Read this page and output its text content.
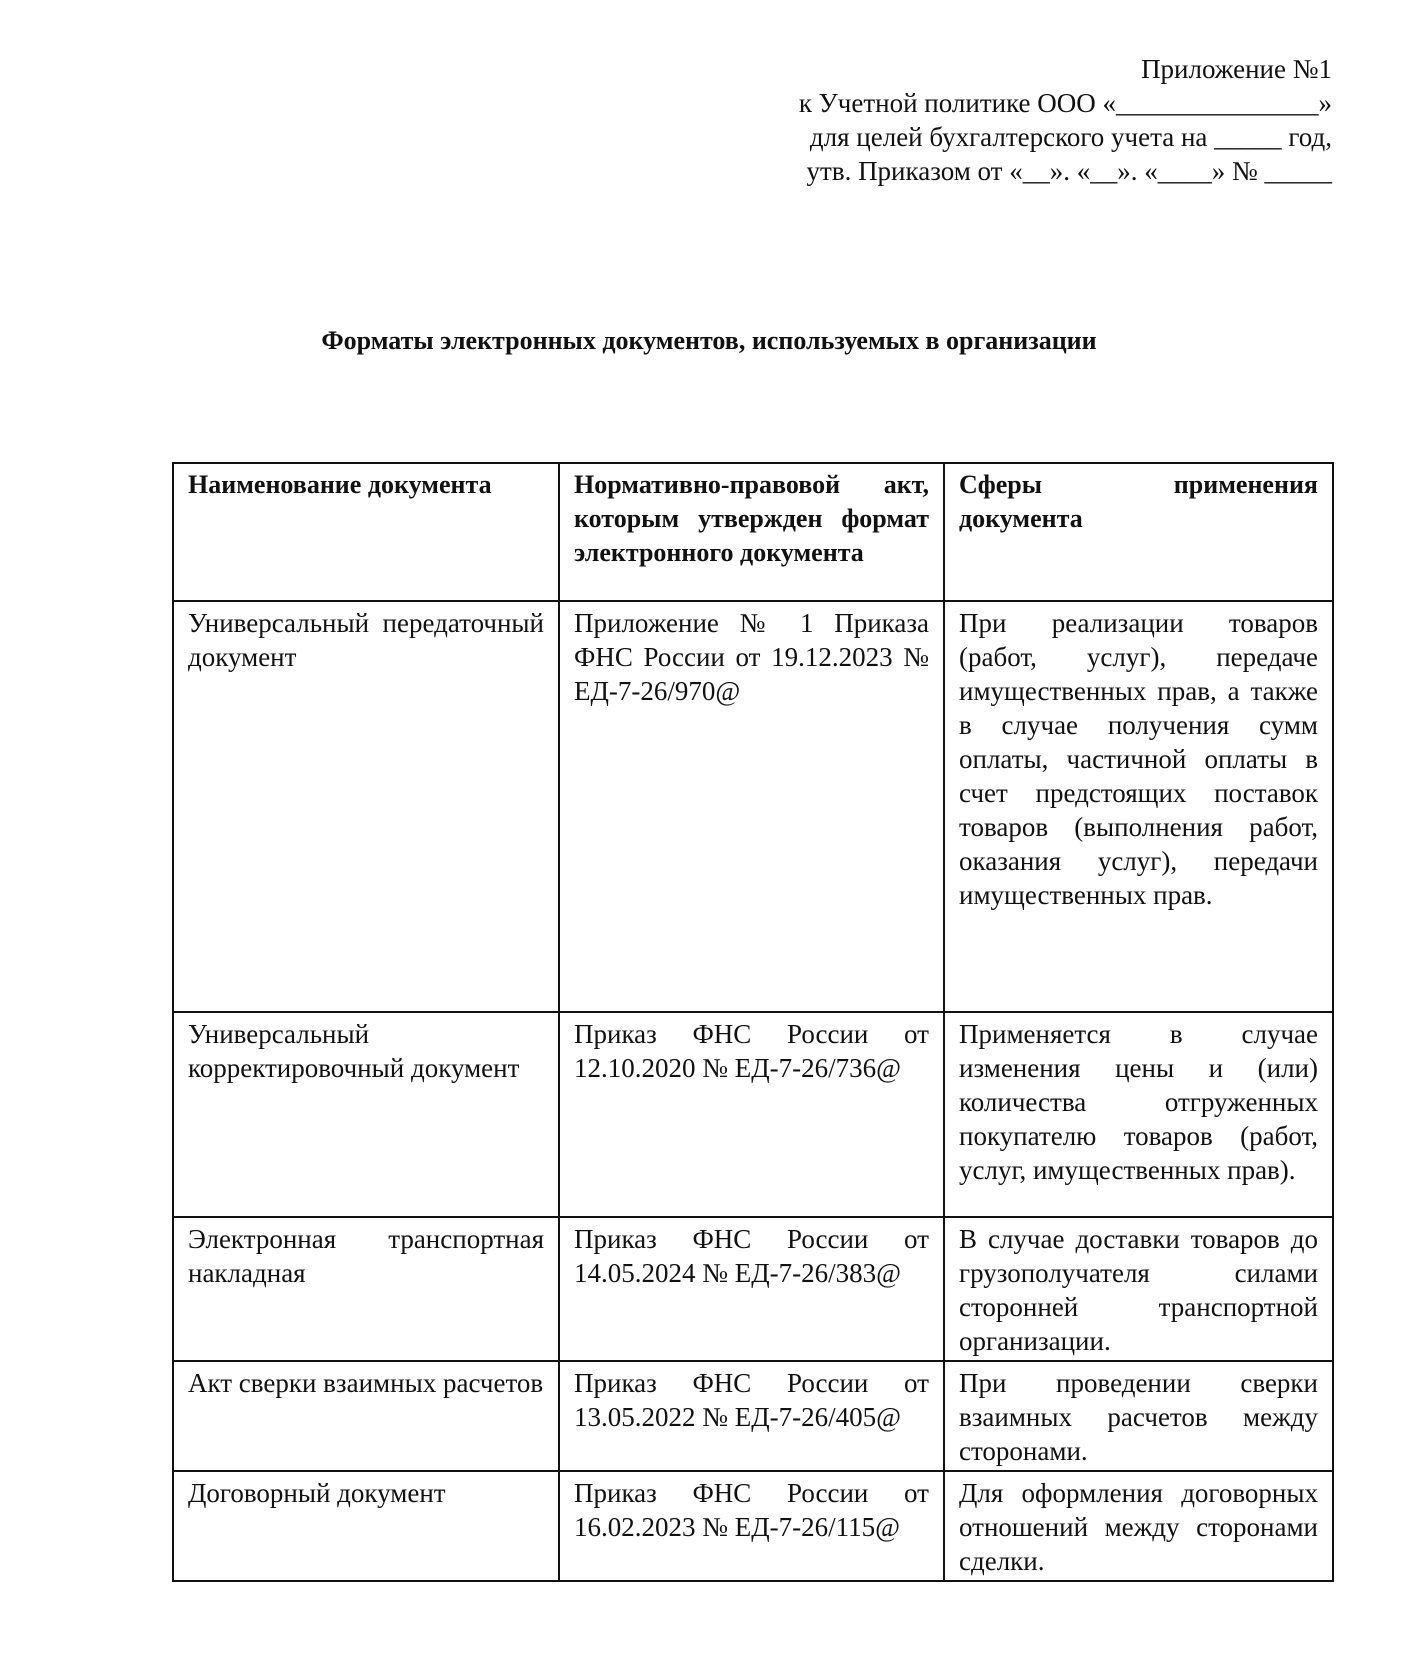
Приложение №1
к Учетной политике ООО «_______________»
для целей бухгалтерского учета на _____ год,
утв. Приказом от «__». «__». «____» № _____
Форматы электронных документов, используемых в организации
Наименование документа	Нормативно-правовой акт, которым утвержден формат электронного документа	Сферы применения документа
Универсальный передаточный документ	Приложение № 1 Приказа ФНС России от 19.12.2023 № ЕД-7-26/970@	При реализации товаров (работ, услуг), передаче имущественных прав, а также в случае получения сумм оплаты, частичной оплаты в счет предстоящих поставок товаров (выполнения работ, оказания услуг), передачи имущественных прав.
Универсальный корректировочный документ	Приказ ФНС России от 12.10.2020 № ЕД-7-26/736@	Применяется в случае изменения цены и (или) количества отгруженных покупателю товаров (работ, услуг, имущественных прав).
Электронная транспортная накладная	Приказ ФНС России от 14.05.2024 № ЕД-7-26/383@	В случае доставки товаров до грузополучателя силами сторонней транспортной организации.
Акт сверки взаимных расчетов	Приказ ФНС России от 13.05.2022 № ЕД-7-26/405@	При проведении сверки взаимных расчетов между сторонами.
Договорный документ	Приказ ФНС России от 16.02.2023 № ЕД-7-26/115@	Для оформления договорных отношений между сторонами сделки.
